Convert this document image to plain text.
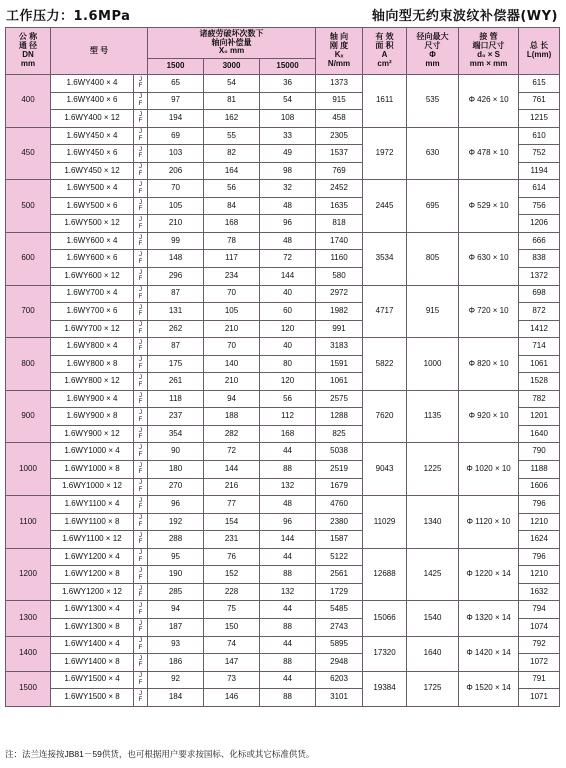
工作压力：1.6MPa	轴向型无约束波纹补偿器(WY)
公 称
通 径
DN
mm	型 号		诸疲劳破坏次数下
轴向补偿量
X₀ mm			轴 向
刚 度
Kₓ
N/mm	有 效
面 积
A
cm²	径向最大
尺寸
Φ
mm	接 管
端口尺寸
d₀ × S
mm × mm	总 长
L(mm)
			1500	3000	15000					
400	1.6WY400 × 4	J
F	65	54	36	1373	1611	535	Φ 426 × 10	615
	1.6WY400 × 6	J
F	97	81	54	915				761
	1.6WY400 × 12	J
F	194	162	108	458				1215
450	1.6WY450 × 4	J
F	69	55	33	2305	1972	630	Φ 478 × 10	610
	1.6WY450 × 6	J
F	103	82	49	1537				752
	1.6WY450 × 12	J
F	206	164	98	769				1194
500	1.6WY500 × 4	J
F	70	56	32	2452	2445	695	Φ 529 × 10	614
	1.6WY500 × 6	J
F	105	84	48	1635				756
	1.6WY500 × 12	J
F	210	168	96	818				1206
600	1.6WY600 × 4	J
F	99	78	48	1740	3534	805	Φ 630 × 10	666
	1.6WY600 × 6	J
F	148	117	72	1160				838
	1.6WY600 × 12	J
F	296	234	144	580				1372
700	1.6WY700 × 4	J
F	87	70	40	2972	4717	915	Φ 720 × 10	698
	1.6WY700 × 6	J
F	131	105	60	1982				872
	1.6WY700 × 12	J
F	262	210	120	991				1412
800	1.6WY800 × 4	J
F	87	70	40	3183	5822	1000	Φ 820 × 10	714
	1.6WY800 × 8	J
F	175	140	80	1591				1061
	1.6WY800 × 12	J
F	261	210	120	1061				1528
900	1.6WY900 × 4	J
F	118	94	56	2575	7620	1135	Φ 920 × 10	782
	1.6WY900 × 8	J
F	237	188	112	1288				1201
	1.6WY900 × 12	J
F	354	282	168	825				1640
1000	1.6WY1000 × 4	J
F	90	72	44	5038	9043	1225	Φ 1020 × 10	790
	1.6WY1000 × 8	J
F	180	144	88	2519				1188
	1.6WY1000 × 12	J
F	270	216	132	1679				1606
1100	1.6WY1100 × 4	J
F	96	77	48	4760	11029	1340	Φ 1120 × 10	796
	1.6WY1100 × 8	J
F	192	154	96	2380				1210
	1.6WY1100 × 12	J
F	288	231	144	1587				1624
1200	1.6WY1200 × 4	J
F	95	76	44	5122	12688	1425	Φ 1220 × 14	796
	1.6WY1200 × 8	J
F	190	152	88	2561				1210
	1.6WY1200 × 12	J
F	285	228	132	1729				1632
1300	1.6WY1300 × 4	J
F	94	75	44	5485	15066	1540	Φ 1320 × 14	794
	1.6WY1300 × 8	J
F	187	150	88	2743				1074
1400	1.6WY1400 × 4	J
F	93	74	44	5895	17320	1640	Φ 1420 × 14	792
	1.6WY1400 × 8	J
F	186	147	88	2948				1072
1500	1.6WY1500 × 4	J
F	92	73	44	6203	19384	1725	Φ 1520 × 14	791
	1.6WY1500 × 8	J
F	184	146	88	3101				1071
注：法兰连接按JB81－59供货，也可根据用户要求按国标、化标或其它标准供货。
